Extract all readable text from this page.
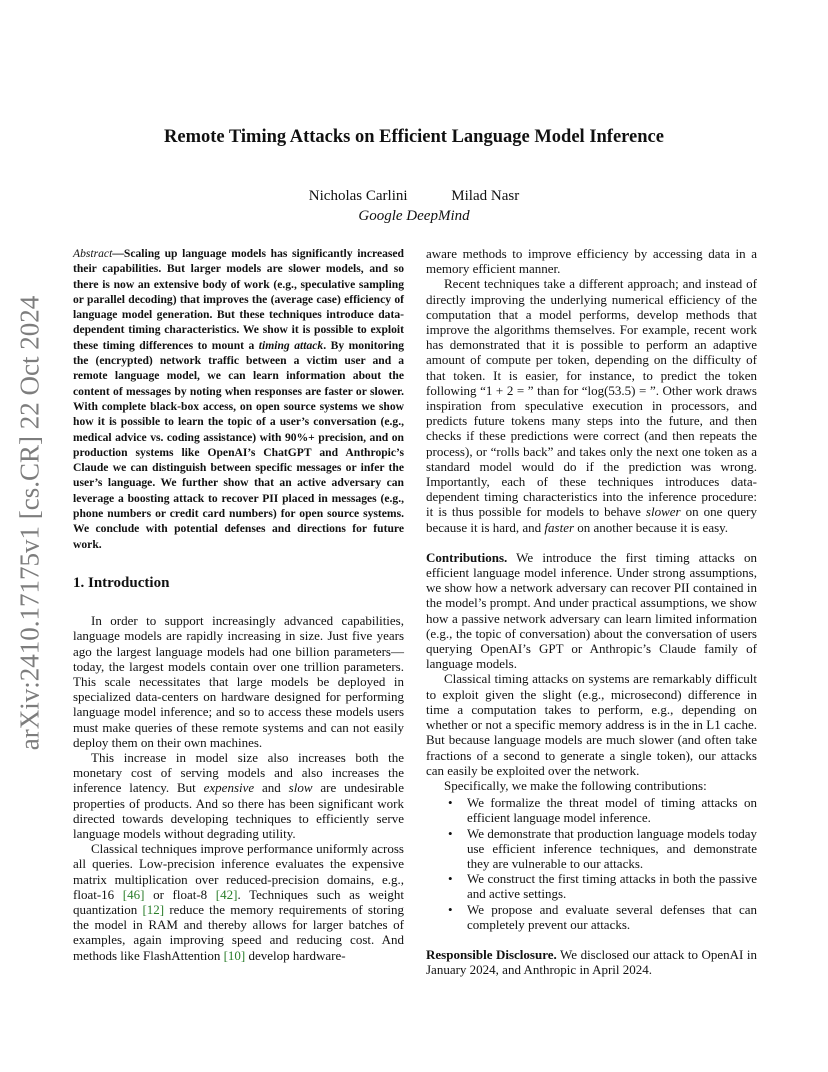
arXiv:2410.17175v1 [cs.CR] 22 Oct 2024
Remote Timing Attacks on Efficient Language Model Inference
Nicholas Carlini	Milad Nasr
Google DeepMind

Abstract—Scaling up language models has significantly increased their capabilities. But larger models are slower models, and so there is now an extensive body of work (e.g., speculative sampling or parallel decoding) that improves the (average case) efficiency of language model generation. But these techniques introduce data-dependent timing characteristics. We show it is possible to exploit these timing differences to mount a timing attack. By monitoring the (encrypted) network traffic between a victim user and a remote language model, we can learn information about the content of messages by noting when responses are faster or slower. With complete black-box access, on open source systems we show how it is possible to learn the topic of a user’s conversation (e.g., medical advice vs. coding assistance) with 90%+ precision, and on production systems like OpenAI’s ChatGPT and Anthropic’s Claude we can distinguish between specific messages or infer the user’s language. We further show that an active adversary can leverage a boosting attack to recover PII placed in messages (e.g., phone numbers or credit card numbers) for open source systems. We conclude with potential defenses and directions for future work.

1. Introduction

In order to support increasingly advanced capabilities, language models are rapidly increasing in size. Just five years ago the largest language models had one billion parameters—today, the largest models contain over one trillion parameters. This scale necessitates that large models be deployed in specialized data-centers on hardware designed for performing language model inference; and so to access these models users must make queries of these remote systems and can not easily deploy them on their own machines.

This increase in model size also increases both the monetary cost of serving models and also increases the inference latency. But expensive and slow are undesirable properties of products. And so there has been significant work directed towards developing techniques to efficiently serve language models without degrading utility.

Classical techniques improve performance uniformly across all queries. Low-precision inference evaluates the expensive matrix multiplication over reduced-precision domains, e.g., float-16 [46] or float-8 [42]. Techniques such as weight quantization [12] reduce the memory requirements of storing the model in RAM and thereby allows for larger batches of examples, again improving speed and reducing cost. And methods like FlashAttention [10] develop hardware-

aware methods to improve efficiency by accessing data in a memory efficient manner.

Recent techniques take a different approach; and instead of directly improving the underlying numerical efficiency of the computation that a model performs, develop methods that improve the algorithms themselves. For example, recent work has demonstrated that it is possible to perform an adaptive amount of compute per token, depending on the difficulty of that token. It is easier, for instance, to predict the token following “1 + 2 = ” than for “log(53.5) = ”. Other work draws inspiration from speculative execution in processors, and predicts future tokens many steps into the future, and then checks if these predictions were correct (and then repeats the process), or “rolls back” and takes only the next one token as a standard model would do if the prediction was wrong. Importantly, each of these techniques introduces data-dependent timing characteristics into the inference procedure: it is thus possible for models to behave slower on one query because it is hard, and faster on another because it is easy.

Contributions. We introduce the first timing attacks on efficient language model inference. Under strong assumptions, we show how a network adversary can recover PII contained in the model’s prompt. And under practical assumptions, we show how a passive network adversary can learn limited information (e.g., the topic of conversation) about the conversation of users querying OpenAI’s GPT or Anthropic’s Claude family of language models.

Classical timing attacks on systems are remarkably difficult to exploit given the slight (e.g., microsecond) difference in time a computation takes to perform, e.g., depending on whether or not a specific memory address is in the in L1 cache. But because language models are much slower (and often take fractions of a second to generate a single token), our attacks can easily be exploited over the network.

Specifically, we make the following contributions:

• We formalize the threat model of timing attacks on efficient language model inference.
• We demonstrate that production language models today use efficient inference techniques, and demonstrate they are vulnerable to our attacks.
• We construct the first timing attacks in both the passive and active settings.
• We propose and evaluate several defenses that can completely prevent our attacks.

Responsible Disclosure. We disclosed our attack to OpenAI in January 2024, and Anthropic in April 2024.
